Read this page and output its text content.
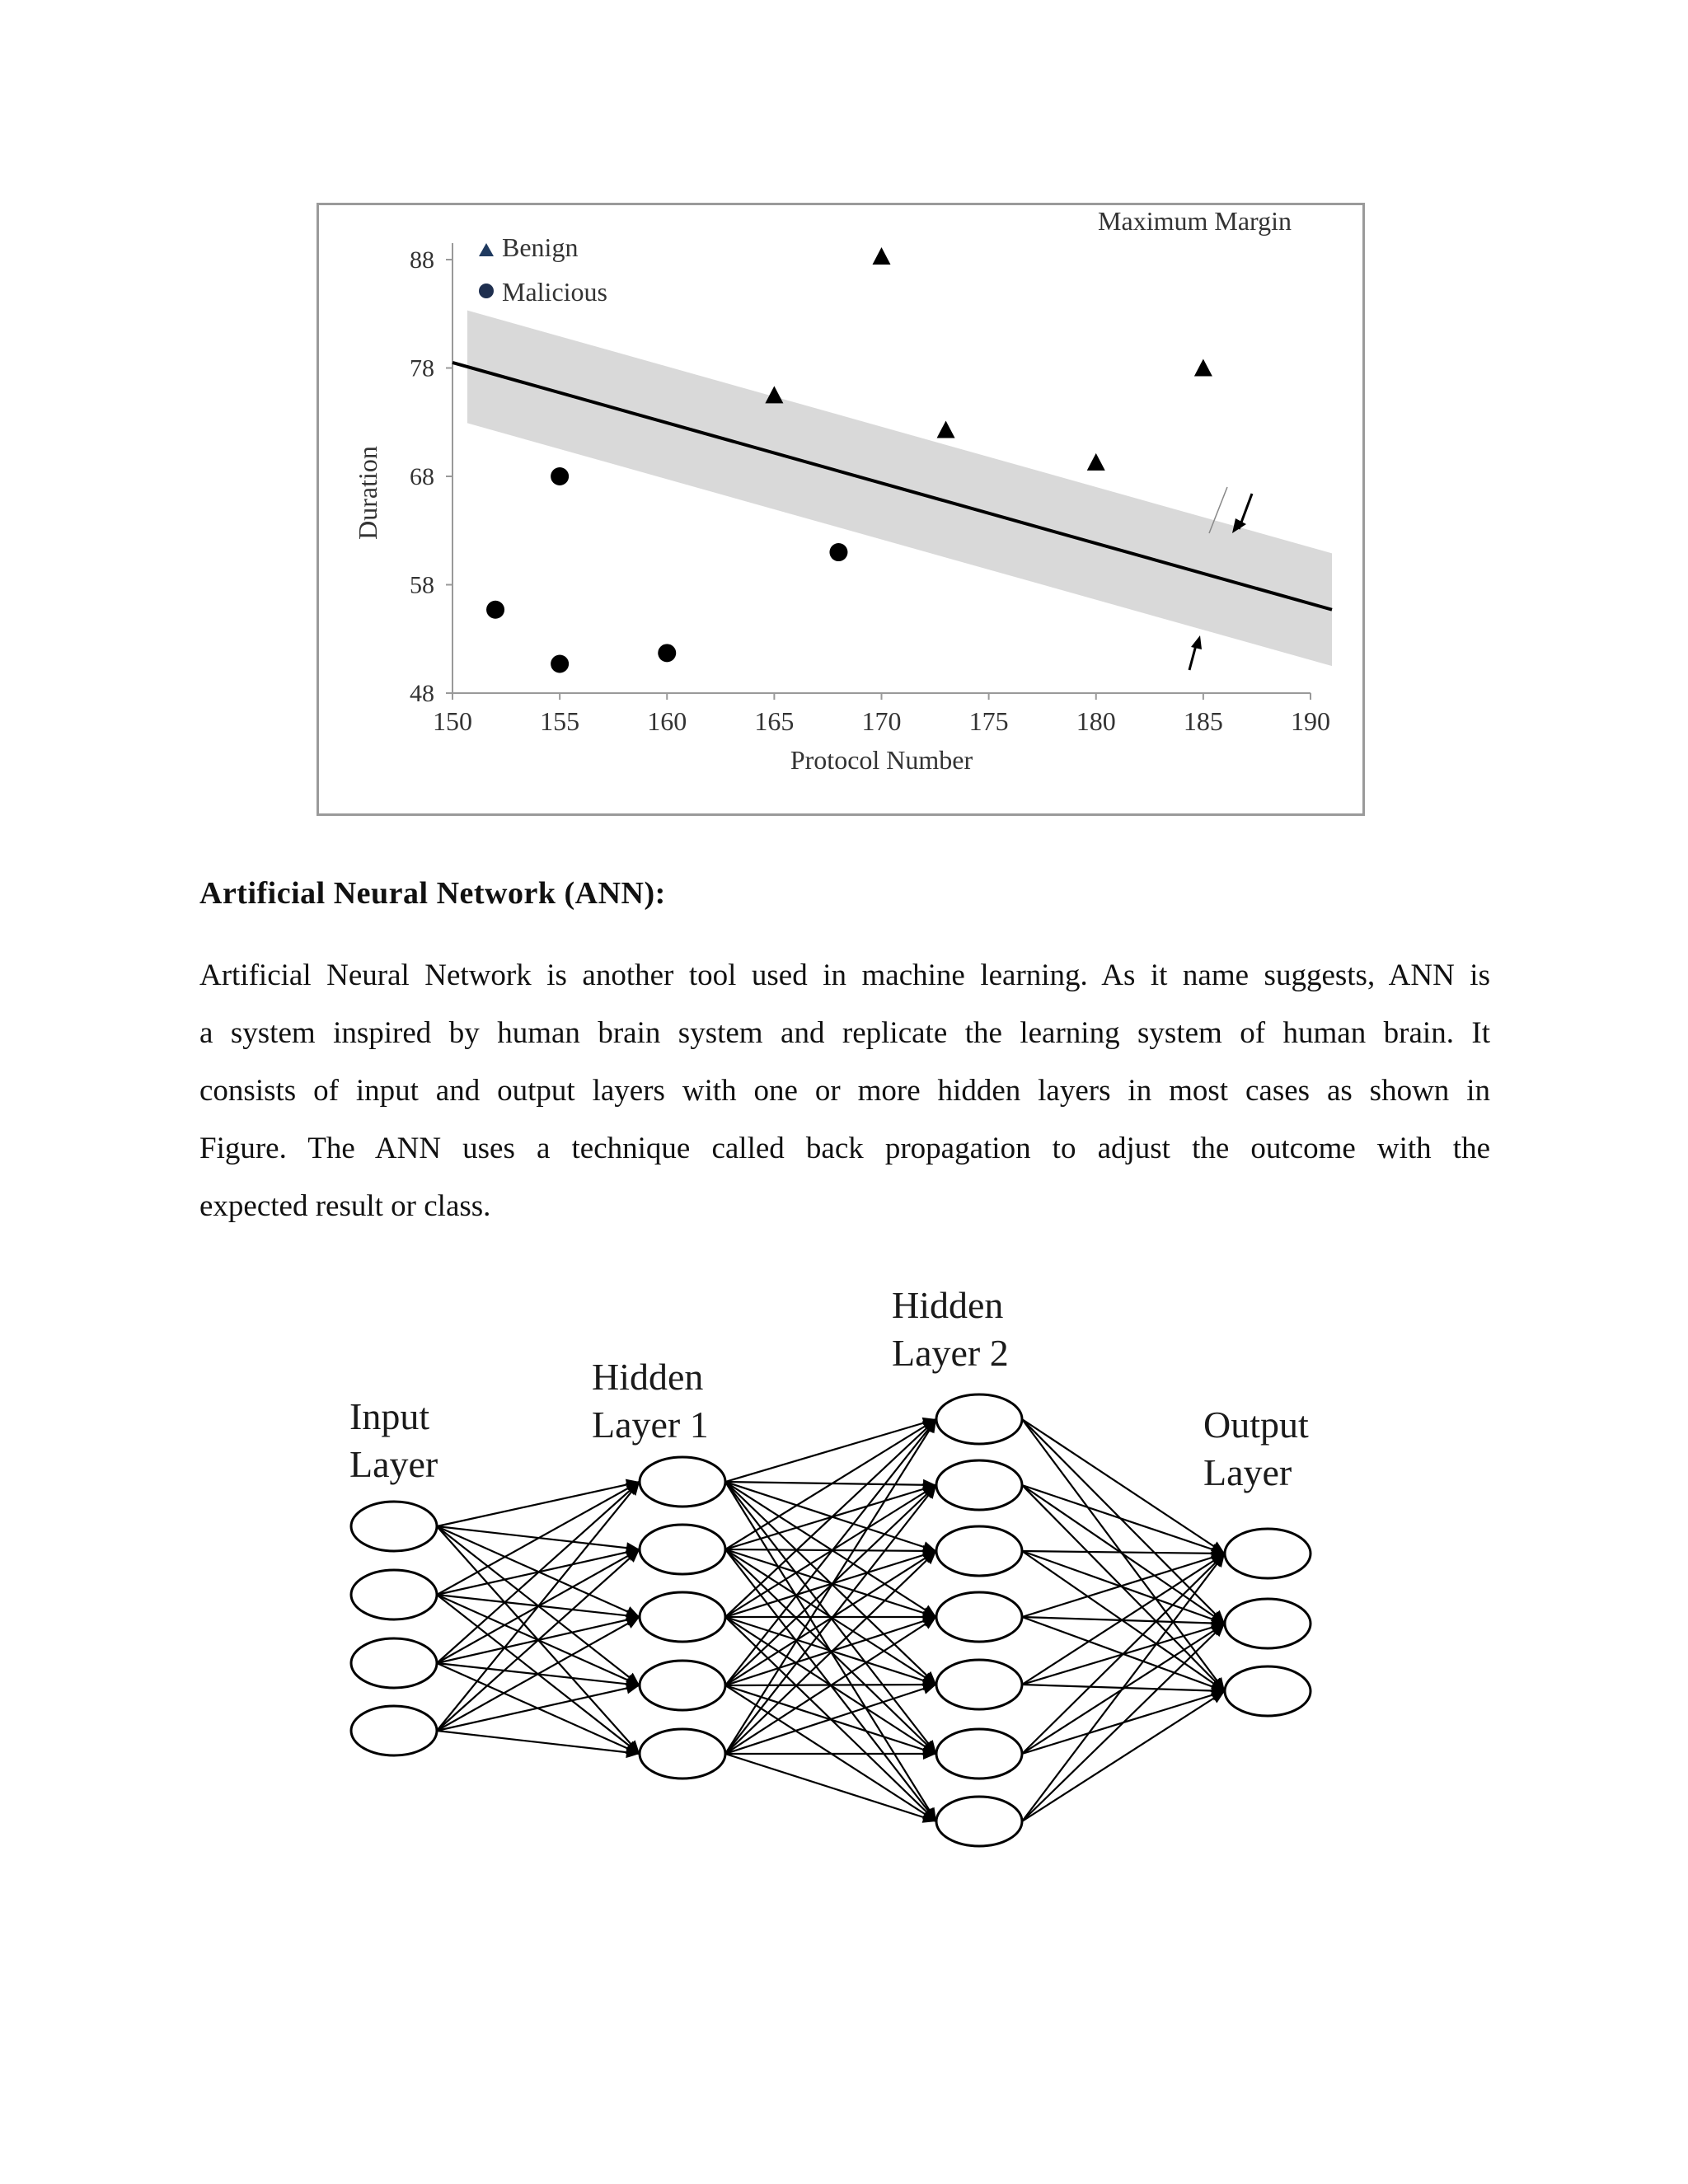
150	155	160	165	170	175	180	185	190
48
58
68
78
88
Protocol Number
Duration
Maximum Margin
Benign
Malicious
Artificial Neural Network (ANN):
Artificial Neural Network is another tool used in machine learning. As it name suggests, ANN is
a system inspired by human brain system and replicate the learning system of human brain. It
consists of input and output layers with one or more hidden layers in most cases as shown in
Figure. The ANN uses a technique called back propagation to adjust the outcome with the
expected result or class.
Input
Layer
Hidden
Layer 1
Hidden
Layer 2
Output
Layer
